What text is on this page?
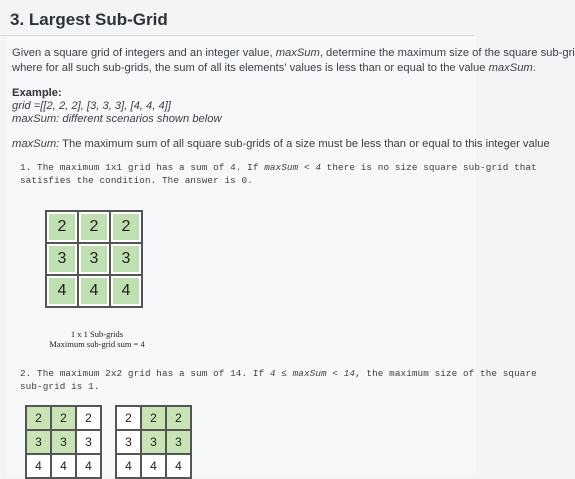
3. Largest Sub-Grid
Given a square grid of integers and an integer value, maxSum, determine the maximum size of the square sub-gri
where for all such sub-grids, the sum of all its elements' values is less than or equal to the value maxSum.
Example:
grid =[[2, 2, 2], [3, 3, 3], [4, 4, 4]]
maxSum: different scenarios shown below
maxSum: The maximum sum of all square sub-grids of a size must be less than or equal to this integer value
1. The maximum 1x1 grid has a sum of 4. If maxSum < 4 there is no size square sub-grid that
satisfies the condition. The answer is 0.
2	2	2
3	3	3
4	4	4
1 x 1 Sub-grids
Maximum sub-grid sum = 4
2. The maximum 2x2 grid has a sum of 14. If 4 ≤ maxSum < 14, the maximum size of the square
sub-grid is 1.
2	2	2
3	3	3
4	4	4
2	2	2
3	3	3
4	4	4
